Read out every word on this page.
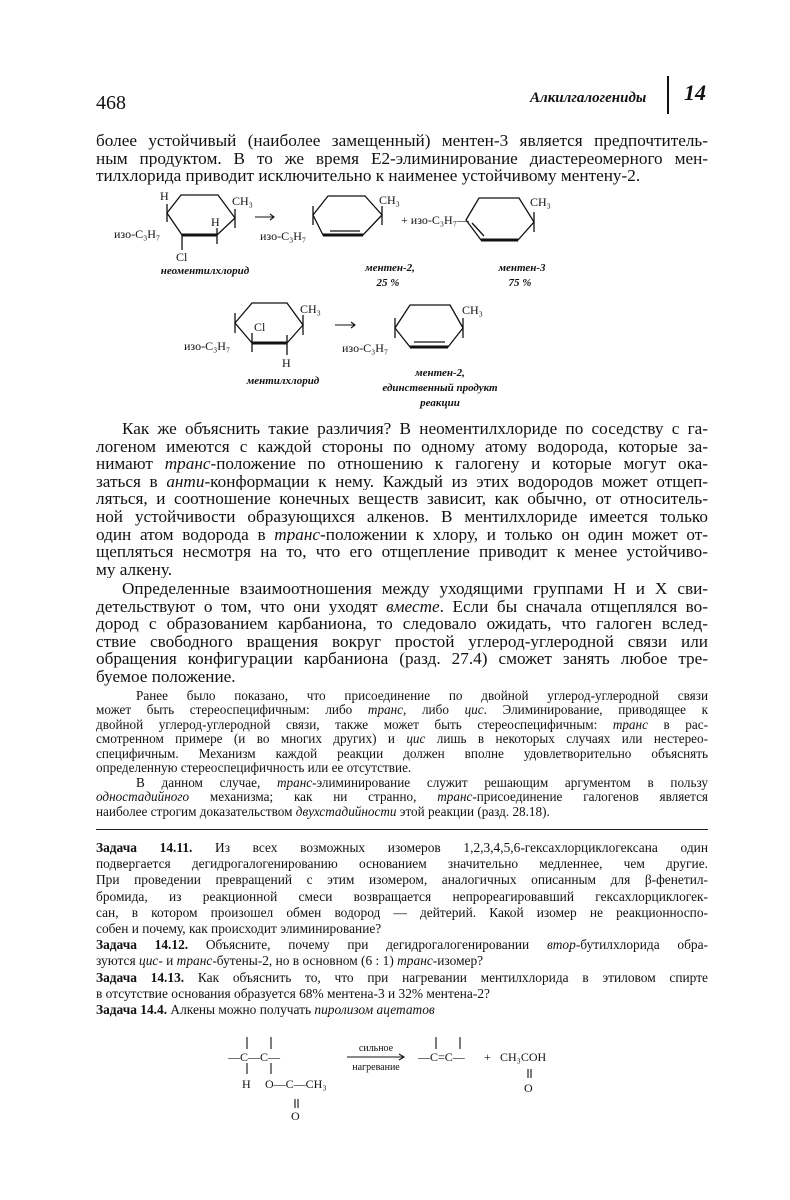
468	Алкилгалогениды 14
более устойчивый (наиболее замещенный) ментен-3 является предпочтитель-
ным продуктом. В то же время E2-элиминирование диастереомерного мен-
тилхлорида приводит исключительно к наименее устойчивому ментену-2.
H	CH₃
H
изо-C₃H₇
Cl
неоментилхлорид
CH₃
изо-C₃H₇
ментен-2,
25 %
+ изо-C₃H₇—
CH₃
ментен-3
75 %
CH₃
Cl
изо-C₃H₇
H
ментилхлорид
CH₃
изо-C₃H₇
ментен-2,
единственный продукт
реакции
Как же объяснить такие различия? В неоментилхлориде по соседству с га-
логеном имеются с каждой стороны по одному атому водорода, которые за-
нимают транс-положение по отношению к галогену и которые могут ока-
заться в анти-конформации к нему. Каждый из этих водородов может отщеп-
ляться, и соотношение конечных веществ зависит, как обычно, от относитель-
ной устойчивости образующихся алкенов. В ментилхлориде имеется только
один атом водорода в транс-положении к хлору, и только он один может от-
щепляться несмотря на то, что его отщепление приводит к менее устойчиво-
му алкену.
Определенные взаимоотношения между уходящими группами H и X сви-
детельствуют о том, что они уходят вместе. Если бы сначала отщеплялся во-
дород с образованием карбаниона, то следовало ожидать, что галоген вслед-
ствие свободного вращения вокруг простой углерод-углеродной связи или
обращения конфигурации карбаниона (разд. 27.4) сможет занять любое тре-
буемое положение.
Ранее было показано, что присоединение по двойной углерод-углеродной связи
может быть стереоспецифичным: либо транс, либо цис. Элиминирование, приводящее к
двойной углерод-углеродной связи, также может быть стереоспецифичным: транс в рас-
смотренном примере (и во многих других) и цис лишь в некоторых случаях или нестерео-
специфичным. Механизм каждой реакции должен вполне удовлетворительно объяснять
определенную стереоспецифичность или ее отсутствие.
В данном случае, транс-элиминирование служит решающим аргументом в пользу
одностадийного механизма; как ни странно, транс-присоединение галогенов является
наиболее строгим доказательством двухстадийности этой реакции (разд. 28.18).
Задача 14.11. Из всех возможных изомеров 1,2,3,4,5,6-гексахлорциклогексана один
подвергается дегидрогалогенированию основанием значительно медленнее, чем другие.
При проведении превращений с этим изомером, аналогичных описанным для β-фенетил-
бромида, из реакционной смеси возвращается непрореагировавший гексахлорциклогек-
сан, в котором произошел обмен водород — дейтерий. Какой изомер не реакционноспо-
собен и почему, как происходит элиминирование?
Задача 14.12. Объясните, почему при дегидрогалогенировании втор-бутилхлорида обра-
зуются цис- и транс-бутены-2, но в основном (6 : 1) транс-изомер?
Задача 14.13. Как объяснить то, что при нагревании ментилхлорида в этиловом спирте
в отсутствие основания образуется 68% ментена-3 и 32% ментена-2?
Задача 14.4. Алкены можно получать пиролизом ацетатов
—C—C—
H O—C—CH₃
O
сильное
нагревание
—C=C— + CH₃COH
O
